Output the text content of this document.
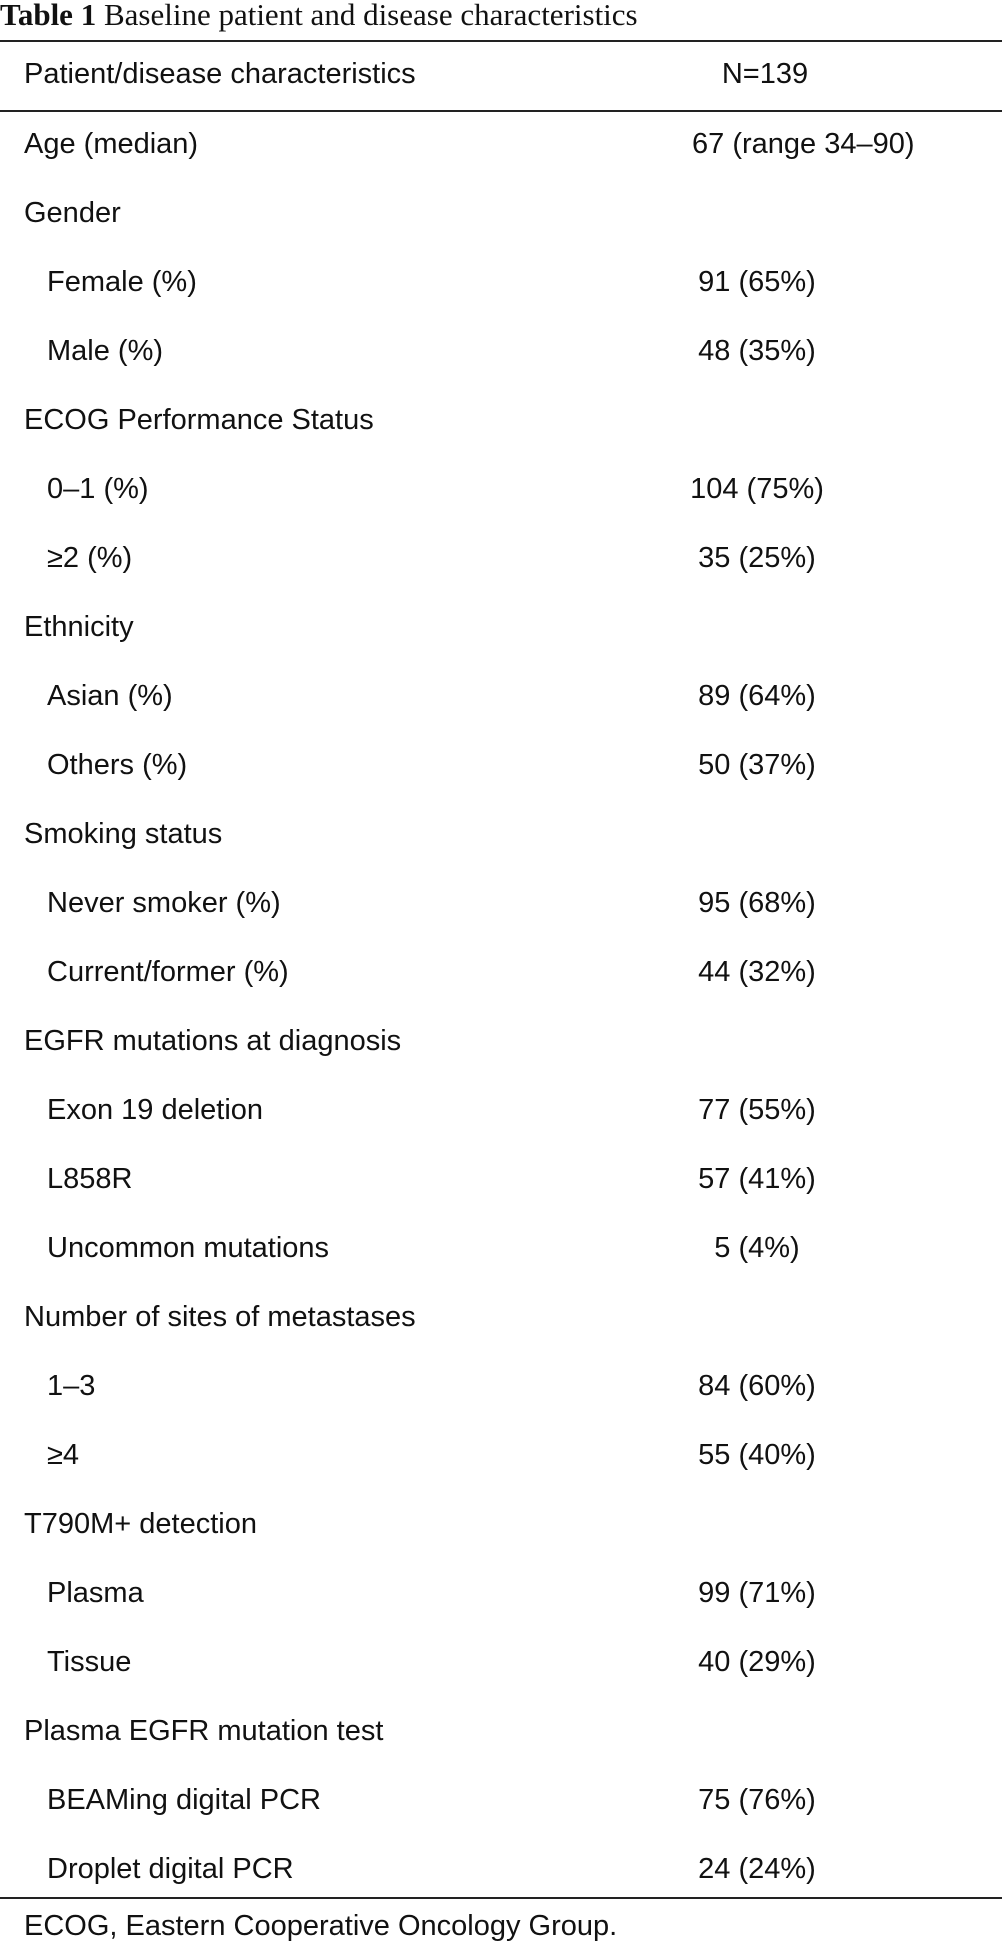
Table 1 Baseline patient and disease characteristics
Patient/disease characteristics	N=139
Age (median)	67 (range 34–90)
Gender
Female (%)	91 (65%)
Male (%)	48 (35%)
ECOG Performance Status
0–1 (%)	104 (75%)
≥2 (%)	35 (25%)
Ethnicity
Asian (%)	89 (64%)
Others (%)	50 (37%)
Smoking status
Never smoker (%)	95 (68%)
Current/former (%)	44 (32%)
EGFR mutations at diagnosis
Exon 19 deletion	77 (55%)
L858R	57 (41%)
Uncommon mutations	5 (4%)
Number of sites of metastases
1–3	84 (60%)
≥4	55 (40%)
T790M+ detection
Plasma	99 (71%)
Tissue	40 (29%)
Plasma EGFR mutation test
BEAMing digital PCR	75 (76%)
Droplet digital PCR	24 (24%)
ECOG, Eastern Cooperative Oncology Group.
